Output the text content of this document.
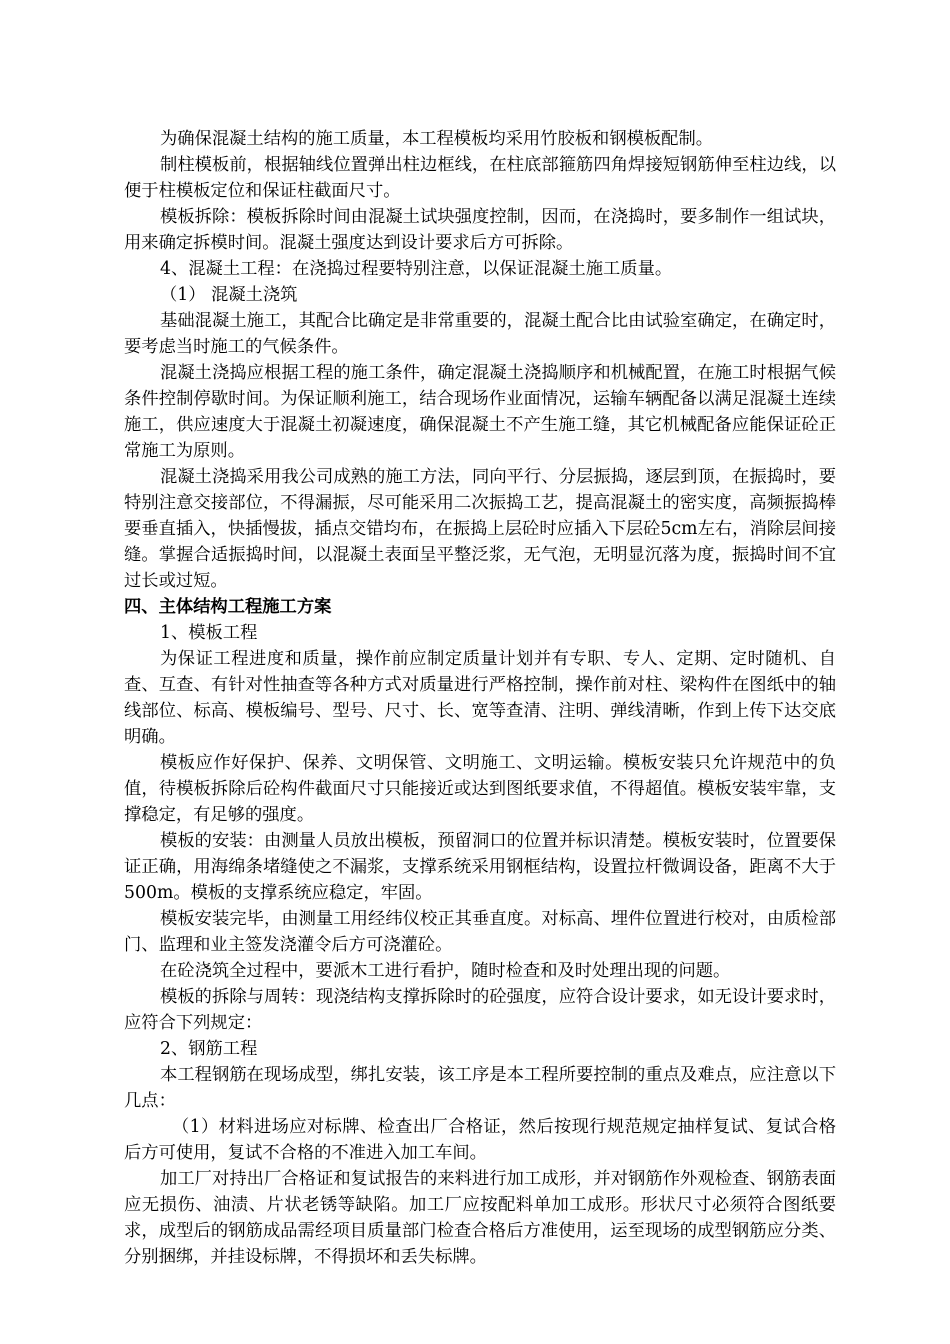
为确保混凝土结构的施工质量，本工程模板均采用竹胶板和钢模板配制。

制柱模板前，根据轴线位置弹出柱边框线，在柱底部箍筋四角焊接短钢筋伸至柱边线，以便于柱模板定位和保证柱截面尺寸。

模板拆除：模板拆除时间由混凝土试块强度控制，因而，在浇捣时，要多制作一组试块，用来确定拆模时间。混凝土强度达到设计要求后方可拆除。

4、混凝土工程：在浇捣过程要特别注意，以保证混凝土施工质量。

（1） 混凝土浇筑

基础混凝土施工，其配合比确定是非常重要的，混凝土配合比由试验室确定，在确定时，要考虑当时施工的气候条件。

混凝土浇捣应根据工程的施工条件，确定混凝土浇捣顺序和机械配置，在施工时根据气候条件控制停歇时间。为保证顺利施工，结合现场作业面情况，运输车辆配备以满足混凝土连续施工，供应速度大于混凝土初凝速度，确保混凝土不产生施工缝，其它机械配备应能保证砼正常施工为原则。

混凝土浇捣采用我公司成熟的施工方法，同向平行、分层振捣，逐层到顶，在振捣时，要特别注意交接部位，不得漏振，尽可能采用二次振捣工艺，提高混凝土的密实度，高频振捣棒要垂直插入，快插慢拔，插点交错均布，在振捣上层砼时应插入下层砼5cm左右，消除层间接缝。掌握合适振捣时间，以混凝土表面呈平整泛浆，无气泡，无明显沉落为度，振捣时间不宜过长或过短。

四、主体结构工程施工方案

1、模板工程

为保证工程进度和质量，操作前应制定质量计划并有专职、专人、定期、定时随机、自查、互查、有针对性抽查等各种方式对质量进行严格控制，操作前对柱、梁构件在图纸中的轴线部位、标高、模板编号、型号、尺寸、长、宽等查清、注明、弹线清晰，作到上传下达交底明确。

模板应作好保护、保养、文明保管、文明施工、文明运输。模板安装只允许规范中的负值，待模板拆除后砼构件截面尺寸只能接近或达到图纸要求值，不得超值。模板安装牢靠，支撑稳定，有足够的强度。

模板的安装：由测量人员放出模板，预留洞口的位置并标识清楚。模板安装时，位置要保证正确，用海绵条堵缝使之不漏浆，支撑系统采用钢框结构，设置拉杆微调设备，距离不大于500m。模板的支撑系统应稳定，牢固。

模板安装完毕，由测量工用经纬仪校正其垂直度。对标高、埋件位置进行校对，由质检部门、监理和业主签发浇灌令后方可浇灌砼。

在砼浇筑全过程中，要派木工进行看护，随时检查和及时处理出现的问题。

模板的拆除与周转：现浇结构支撑拆除时的砼强度，应符合设计要求，如无设计要求时，应符合下列规定：

2、钢筋工程

本工程钢筋在现场成型，绑扎安装，该工序是本工程所要控制的重点及难点，应注意以下几点：

（1）材料进场应对标牌、检查出厂合格证，然后按现行规范规定抽样复试、复试合格后方可使用，复试不合格的不准进入加工车间。

加工厂对持出厂合格证和复试报告的来料进行加工成形，并对钢筋作外观检查、钢筋表面应无损伤、油渍、片状老锈等缺陷。加工厂应按配料单加工成形。形状尺寸必须符合图纸要求，成型后的钢筋成品需经项目质量部门检查合格后方准使用，运至现场的成型钢筋应分类、分别捆绑，并挂设标牌，不得损坏和丢失标牌。
